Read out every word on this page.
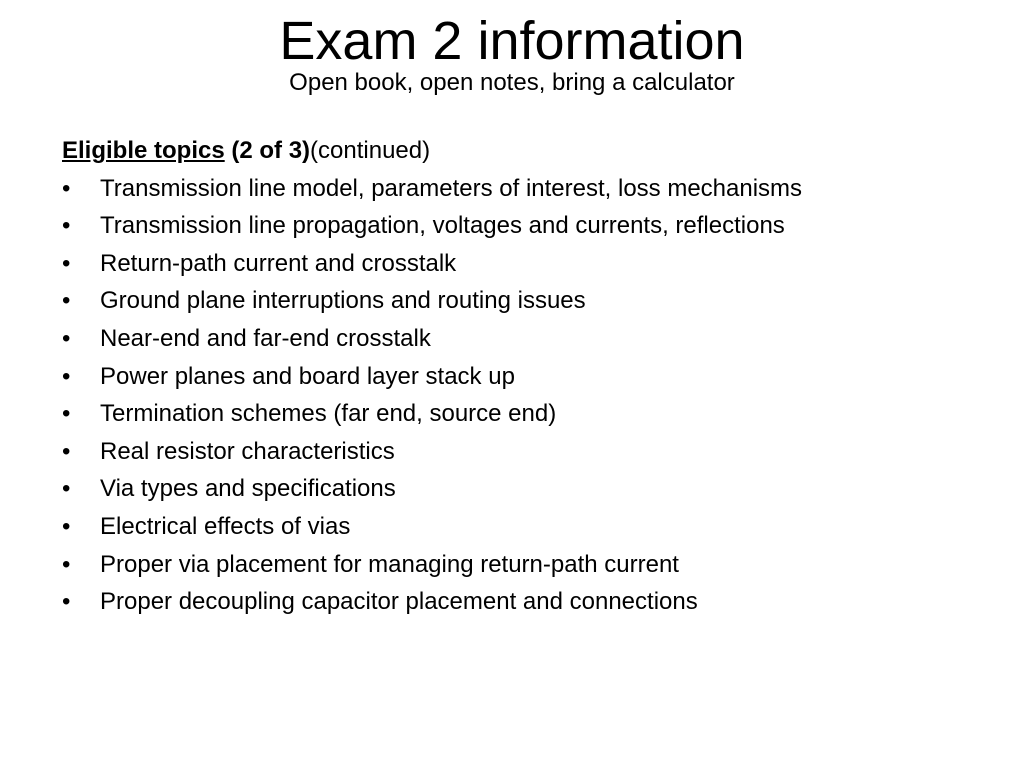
Exam 2 information

Open book, open notes, bring a calculator

Eligible topics (2 of 3)(continued)
•	Transmission line model, parameters of interest, loss mechanisms
•	Transmission line propagation, voltages and currents, reflections
•	Return-path current and crosstalk
•	Ground plane interruptions and routing issues
•	Near-end and far-end crosstalk
•	Power planes and board layer stack up
•	Termination schemes (far end, source end)
•	Real resistor characteristics
•	Via types and specifications
•	Electrical effects of vias
•	Proper via placement for managing return-path current
•	Proper decoupling capacitor placement and connections
